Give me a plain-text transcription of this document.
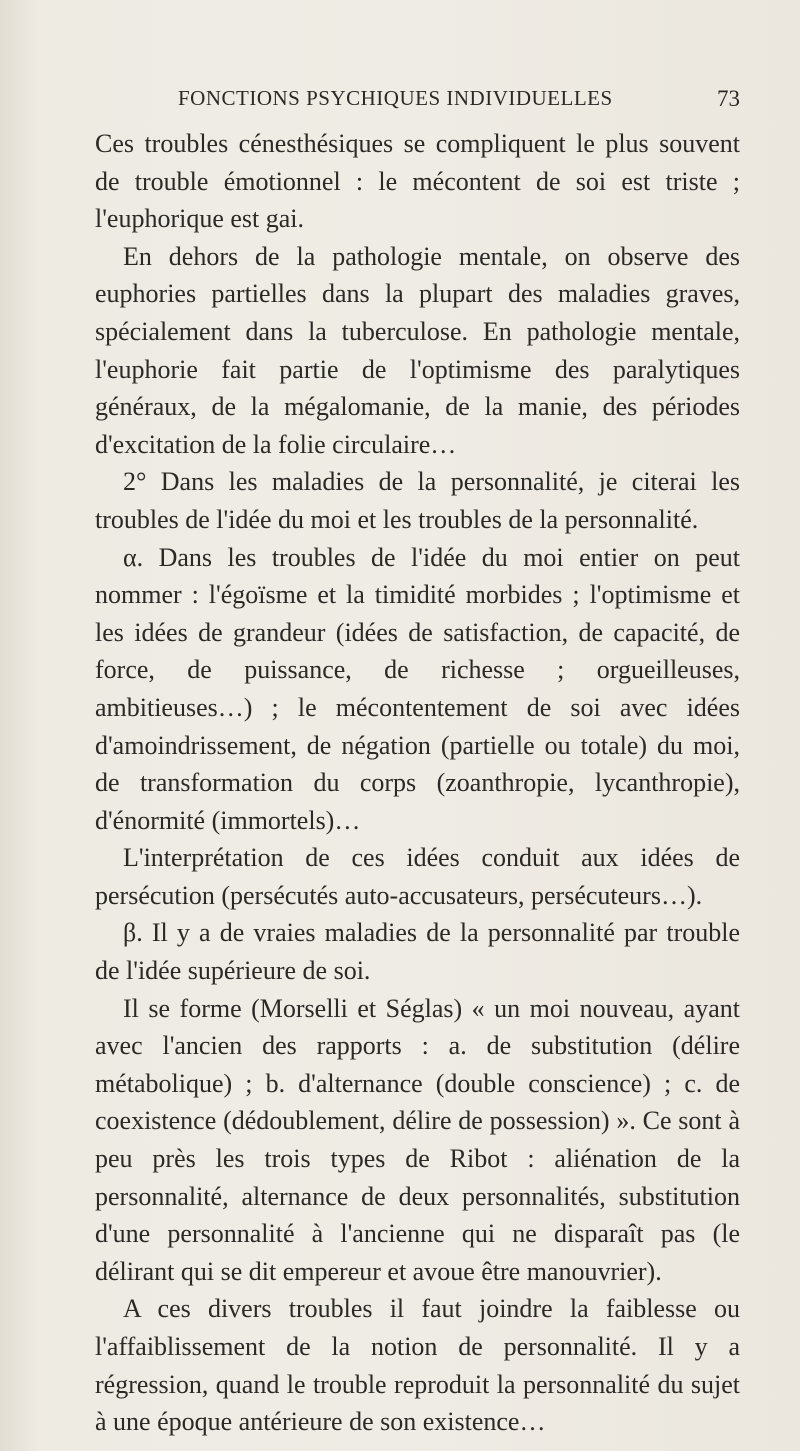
FONCTIONS PSYCHIQUES INDIVIDUELLES	73

Ces troubles cénesthésiques se compliquent le plus souvent de trouble émotionnel : le mécontent de soi est triste ; l'euphorique est gai.

En dehors de la pathologie mentale, on observe des euphories partielles dans la plupart des maladies graves, spécialement dans la tuberculose. En pathologie mentale, l'euphorie fait partie de l'optimisme des paralytiques généraux, de la mégalomanie, de la manie, des périodes d'excitation de la folie circulaire…

2° Dans les maladies de la personnalité, je citerai les troubles de l'idée du moi et les troubles de la personnalité.

α. Dans les troubles de l'idée du moi entier on peut nommer : l'égoïsme et la timidité morbides ; l'optimisme et les idées de grandeur (idées de satisfaction, de capacité, de force, de puissance, de richesse ; orgueilleuses, ambitieuses…) ; le mécontentement de soi avec idées d'amoindrissement, de négation (partielle ou totale) du moi, de transformation du corps (zoanthropie, lycanthropie), d'énormité (immortels)…

L'interprétation de ces idées conduit aux idées de persécution (persécutés auto-accusateurs, persécuteurs…).

β. Il y a de vraies maladies de la personnalité par trouble de l'idée supérieure de soi.

Il se forme (Morselli et Séglas) « un moi nouveau, ayant avec l'ancien des rapports : a. de substitution (délire métabolique) ; b. d'alternance (double conscience) ; c. de coexistence (dédoublement, délire de possession) ». Ce sont à peu près les trois types de Ribot : aliénation de la personnalité, alternance de deux personnalités, substitution d'une personnalité à l'ancienne qui ne disparaît pas (le délirant qui se dit empereur et avoue être manouvrier).

A ces divers troubles il faut joindre la faiblesse ou l'affaiblissement de la notion de personnalité. Il y a régression, quand le trouble reproduit la personnalité du sujet à une époque antérieure de son existence…
